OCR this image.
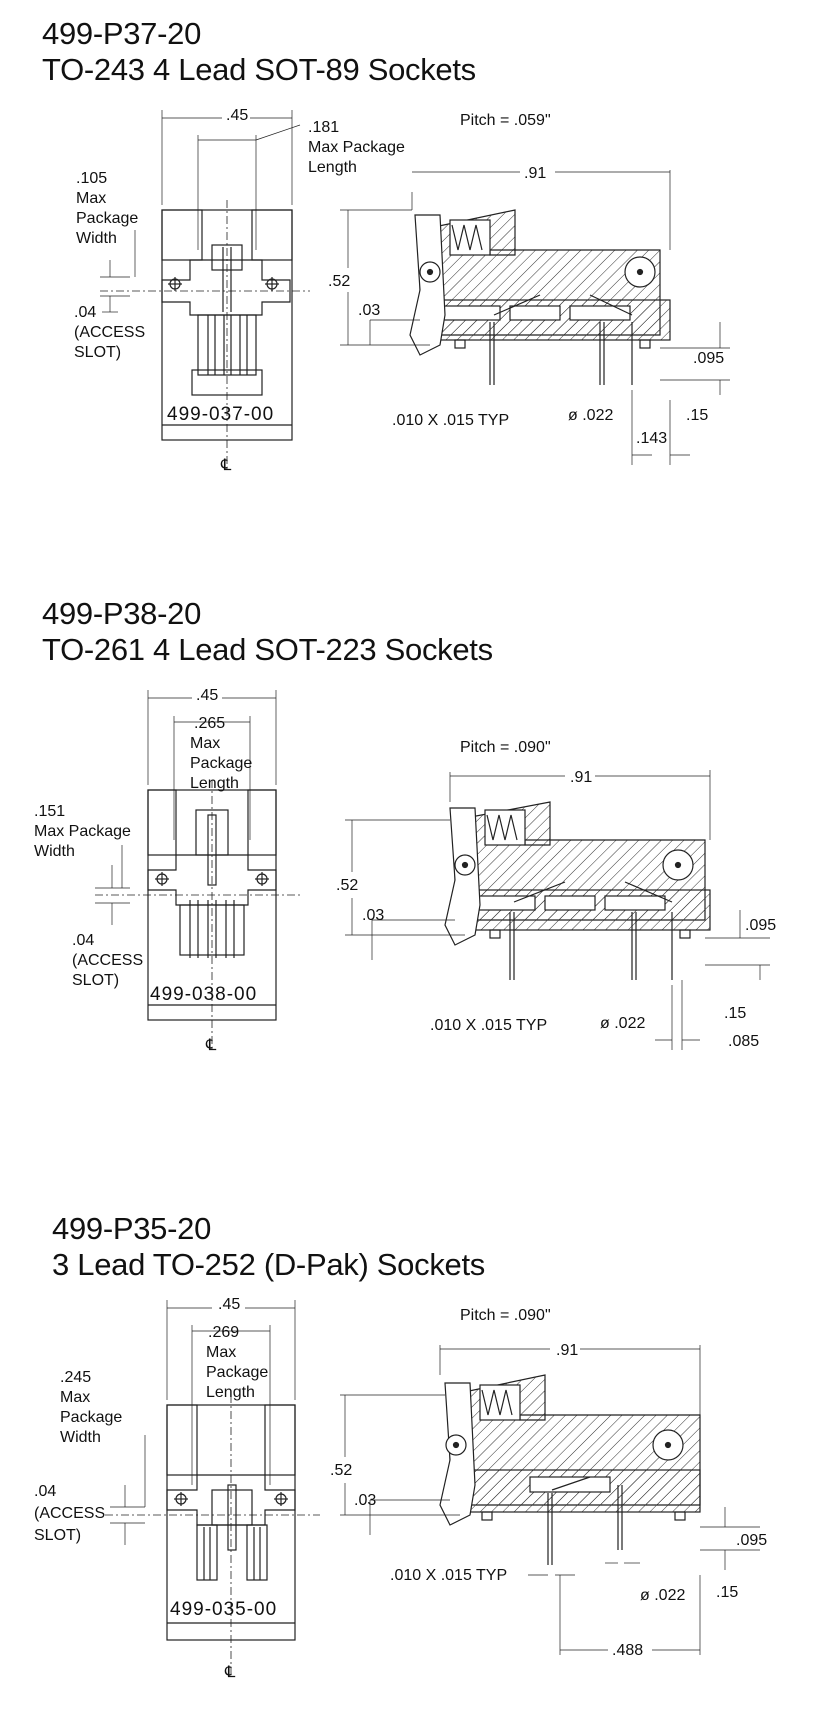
499-P37-20
TO-243 4 Lead SOT-89 Sockets
.45
.181
Max Package
Length
.105
Max
Package
Width
.04
(ACCESS
SLOT)
499-037-00
℄
Pitch = .059"
.91
.52
.03
.095
.010 X .015 TYP	ø .022	.15
.143
499-P38-20
TO-261 4 Lead SOT-223 Sockets
.45
.265
Max
Package
Length
.151
Max Package
Width
.04
(ACCESS
SLOT)
499-038-00
℄
Pitch = .090"
.91
.52
.03
.095
.010 X .015 TYP	ø .022
.15
.085
499-P35-20
3 Lead TO-252 (D-Pak) Sockets
.45
.269
Max
Package
Length
.245
Max
Package
Width
.04
(ACCESS
SLOT)
499-035-00
℄
Pitch = .090"
.91
.52
.03
.095
.010 X .015 TYP
ø .022 .15
.488
